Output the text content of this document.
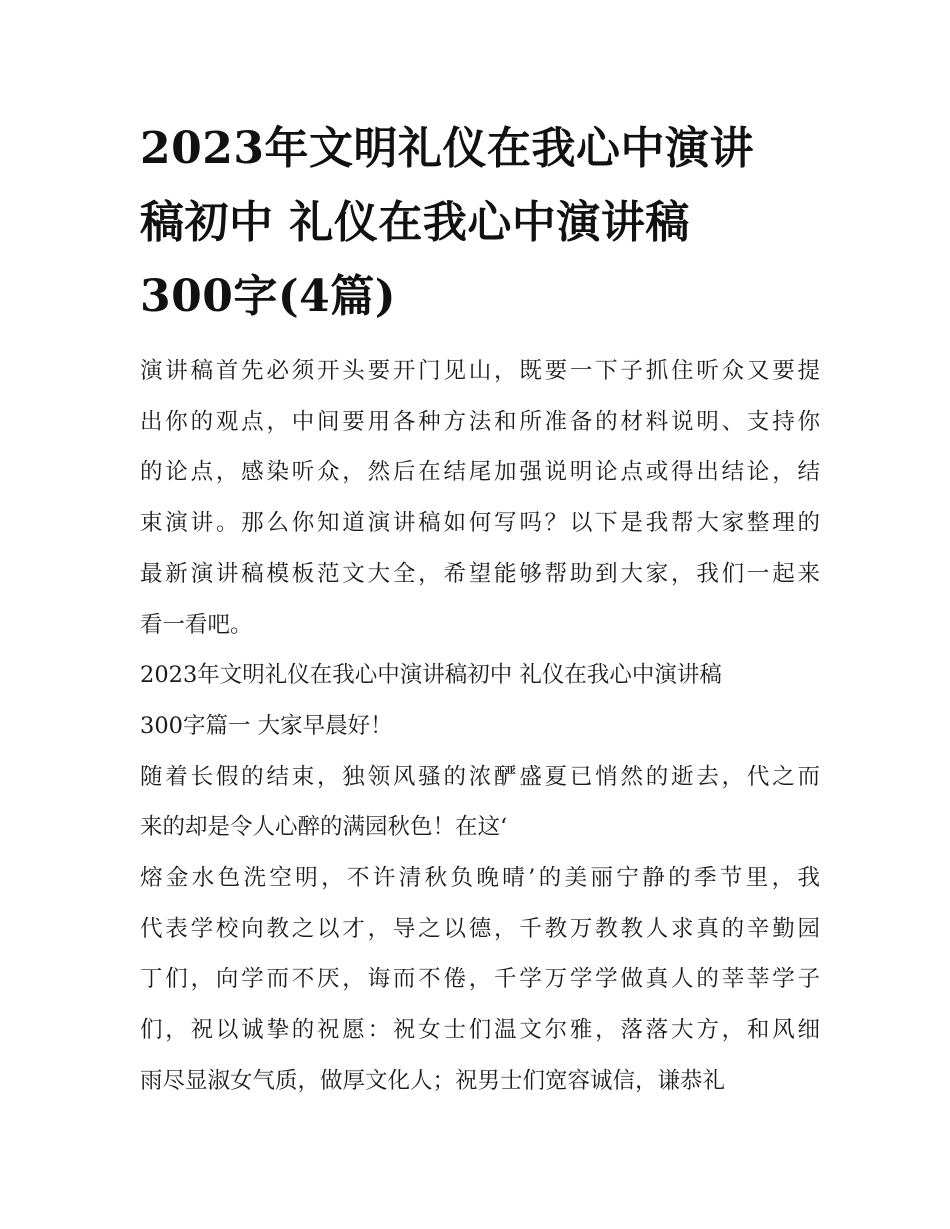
2023年文明礼仪在我心中演讲
稿初中 礼仪在我心中演讲稿
300字(4篇)

演讲稿首先必须开头要开门见山，既要一下子抓住听众又要提
出你的观点，中间要用各种方法和所准备的材料说明、支持你
的论点，感染听众，然后在结尾加强说明论点或得出结论，结
束演讲。那么你知道演讲稿如何写吗？以下是我帮大家整理的
最新演讲稿模板范文大全，希望能够帮助到大家，我们一起来
看一看吧。

2023年文明礼仪在我心中演讲稿初中 礼仪在我心中演讲稿
300字篇一 大家早晨好！

随着长假的结束，独领风骚的浓酽盛夏已悄然的逝去，代之而
来的却是令人心醉的满园秋色！在这‘

熔金水色洗空明，不许清秋负晚晴’的美丽宁静的季节里，我
代表学校向教之以才，导之以德，千教万教教人求真的辛勤园
丁们，向学而不厌，诲而不倦，千学万学学做真人的莘莘学子
们，祝以诚挚的祝愿：祝女士们温文尔雅，落落大方，和风细
雨尽显淑女气质，做厚文化人；祝男士们宽容诚信，谦恭礼
